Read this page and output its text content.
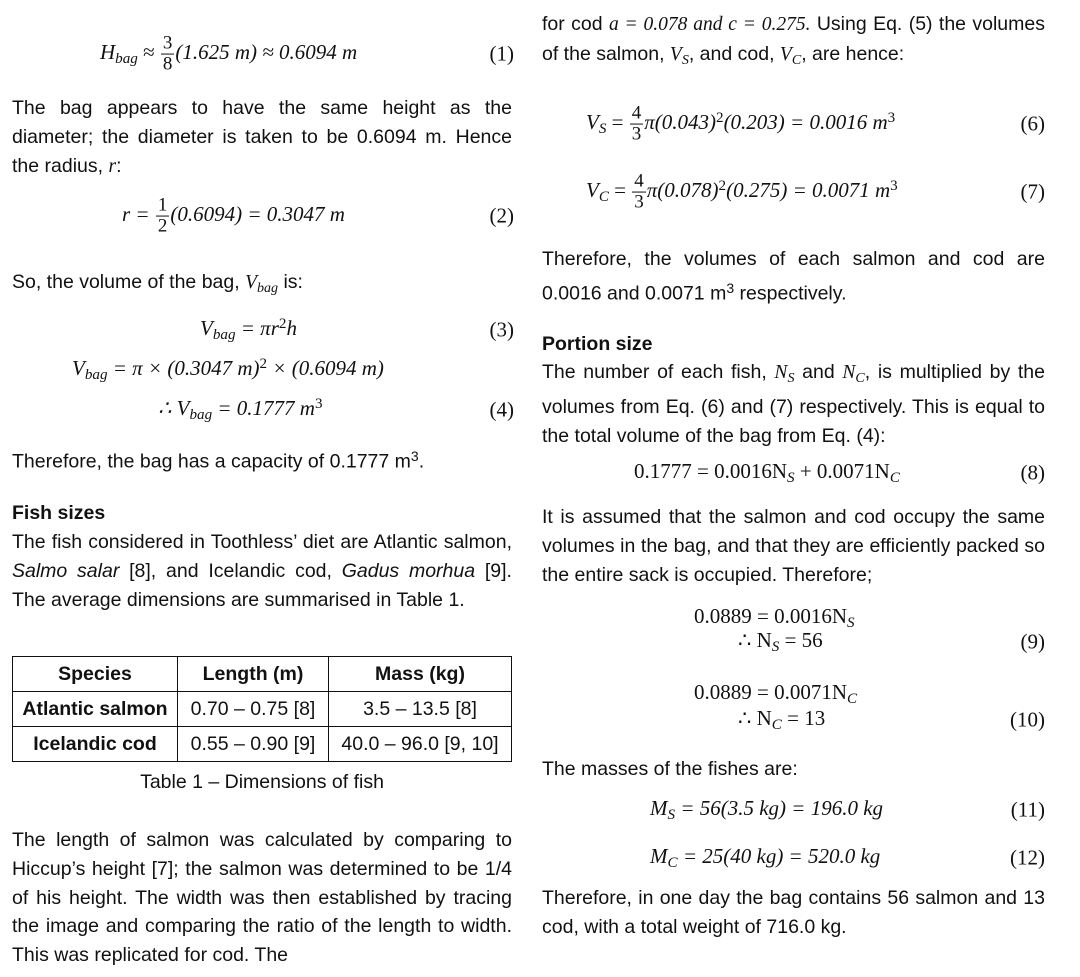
$H_{bag} \approx \frac{3}{8} (1.625$ m) ≈ 0.6094 m	(1)

The bag appears to have the same height as the diameter; the diameter is taken to be 0.6094 m. Hence the radius, r:

$r = \frac{1}{2} (0.6094) = 0.3047$ m	(2)

So, the volume of the bag, $V_{bag}$ is:

$V_{bag} = \pi r^2h$	(3)
$V_{bag} = \pi \times (0.3047$ m)$^2$ × (0.6094 m)
∴ $V_{bag} = 0.1777$ $m^3$	(4)

Therefore, the bag has a capacity of 0.1777 $m^3$.

Fish sizes

The fish considered in Toothless’ diet are Atlantic salmon, Salmo salar [8], and Icelandic cod, Gadus morhua [9]. The average dimensions are summarised in Table 1.

Species	Length (m)	Mass (kg)
Atlantic salmon	0.70 – 0.75 [8]	3.5 – 13.5 [8]
Icelandic cod	0.55 – 0.90 [9]	40.0 – 96.0 [9, 10]
Table 1 – Dimensions of fish

The length of salmon was calculated by comparing to Hiccup’s height [7]; the salmon was determined to be 1/4 of his height. The width was then established by tracing the image and comparing the ratio of the length to width. This was replicated for cod. The

for cod a = 0.078 and c = 0.275. Using Eq. (5) the volumes of the salmon, $V_S$, and cod, $V_C$, are hence:

$V_S = \frac{4}{3} \pi(0.043)^2(0.203) = 0.0016$ $m^3$	(6)
$V_C = \frac{4}{3} \pi(0.078)^2(0.275) = 0.0071$ $m^3$	(7)

Therefore, the volumes of each salmon and cod are 0.0016 and 0.0071 $m^3$ respectively.

Portion size

The number of each fish, $N_S$ and $N_C$, is multiplied by the volumes from Eq. (6) and (7) respectively. This is equal to the total volume of the bag from Eq. (4):

$0.1777 = 0.0016N_S + 0.0071N_C$	(8)

It is assumed that the salmon and cod occupy the same volumes in the bag, and that they are efficiently packed so the entire sack is occupied. Therefore;

$0.0889 = 0.0016N_S$
∴ $N_S = 56$	(9)
$0.0889 = 0.0071N_C$
∴ $N_C = 13$	(10)

The masses of the fishes are:

$M_S = 56(3.5$ kg) = 196.0 kg	(11)
$M_C = 25(40$ kg) = 520.0 kg	(12)

Therefore, in one day the bag contains 56 salmon and 13 cod, with a total weight of 716.0 kg.
